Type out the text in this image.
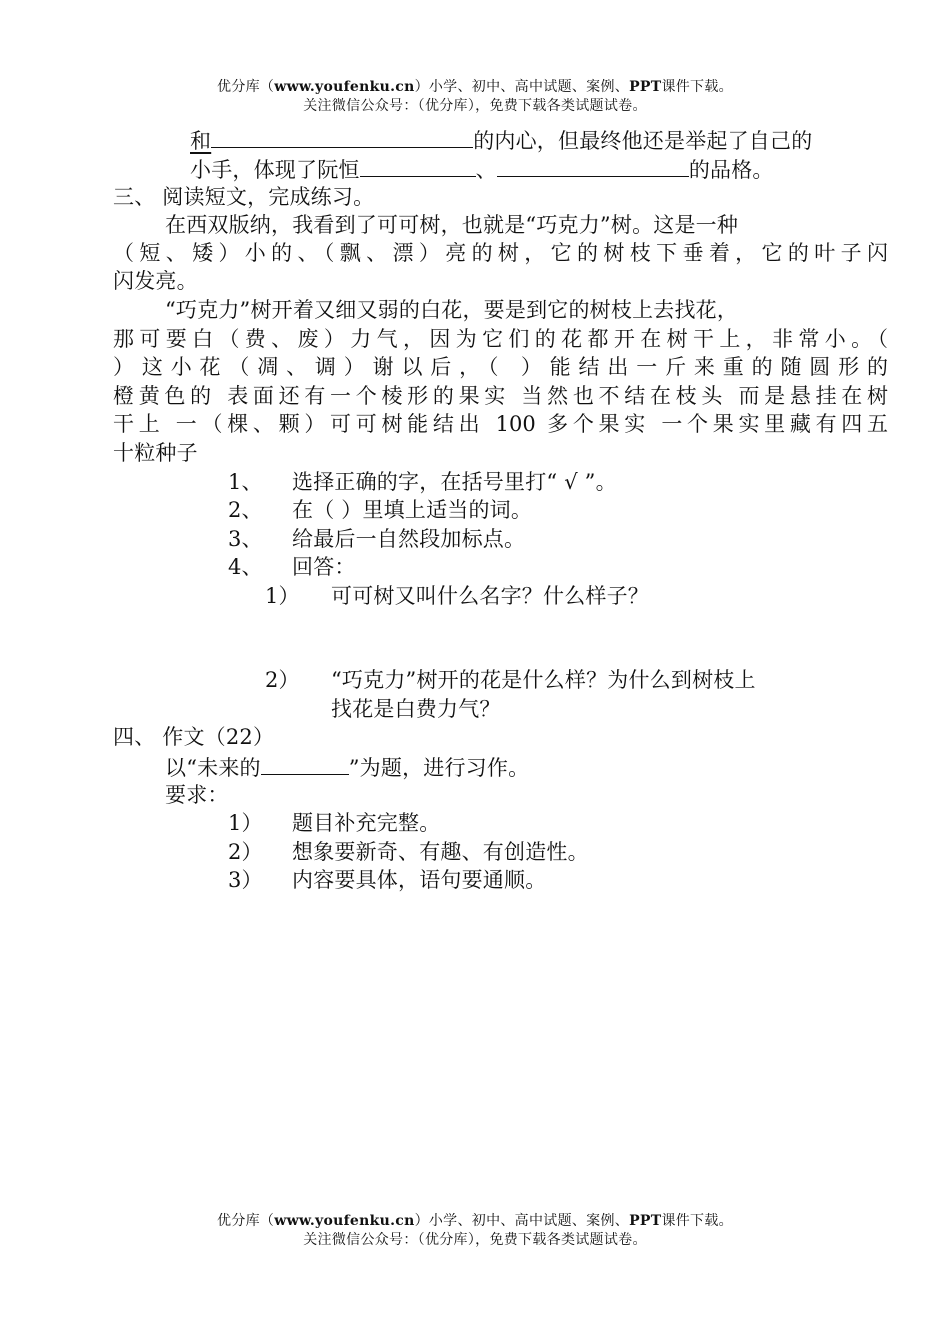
优分库（www.youfenku.cn）小学、初中、高中试题、案例、PPT课件下载。
关注微信公众号：（优分库），免费下载各类试题试卷。
和	的内心，但最终他还是举起了自己的
小手，体现了阮恒	、	的品格。
三、 阅读短文，完成练习。
在西双版纳，我看到了可可树，也就是“巧克力”树。这是一种
（短、矮）小的、（飘、漂）亮的树，它的树枝下垂着，它的叶子闪
闪发亮。
“巧克力”树开着又细又弱的白花，要是到它的树枝上去找花，
那可要白（费、废）力气，因为它们的花都开在树干上，非常小。（
）这小花（凋、调）谢以后，（ ）能结出一斤来重的随圆形的
橙黄色的 表面还有一个棱形的果实 当然也不结在枝头 而是悬挂在树
干上 一（棵、颗）可可树能结出 100 多个果实 一个果实里藏有四五
十粒种子
1、 选择正确的字，在括号里打“ √ ”。
2、 在（ ）里填上适当的词。
3、 给最后一自然段加标点。
4、 回答：
1） 可可树又叫什么名字？什么样子？
2） “巧克力”树开的花是什么样？为什么到树枝上
找花是白费力气？
四、 作文（22）
以“未来的	”为题，进行习作。
要求：
1） 题目补充完整。
2） 想象要新奇、有趣、有创造性。
3） 内容要具体，语句要通顺。
优分库（www.youfenku.cn）小学、初中、高中试题、案例、PPT课件下载。
关注微信公众号：（优分库），免费下载各类试题试卷。
